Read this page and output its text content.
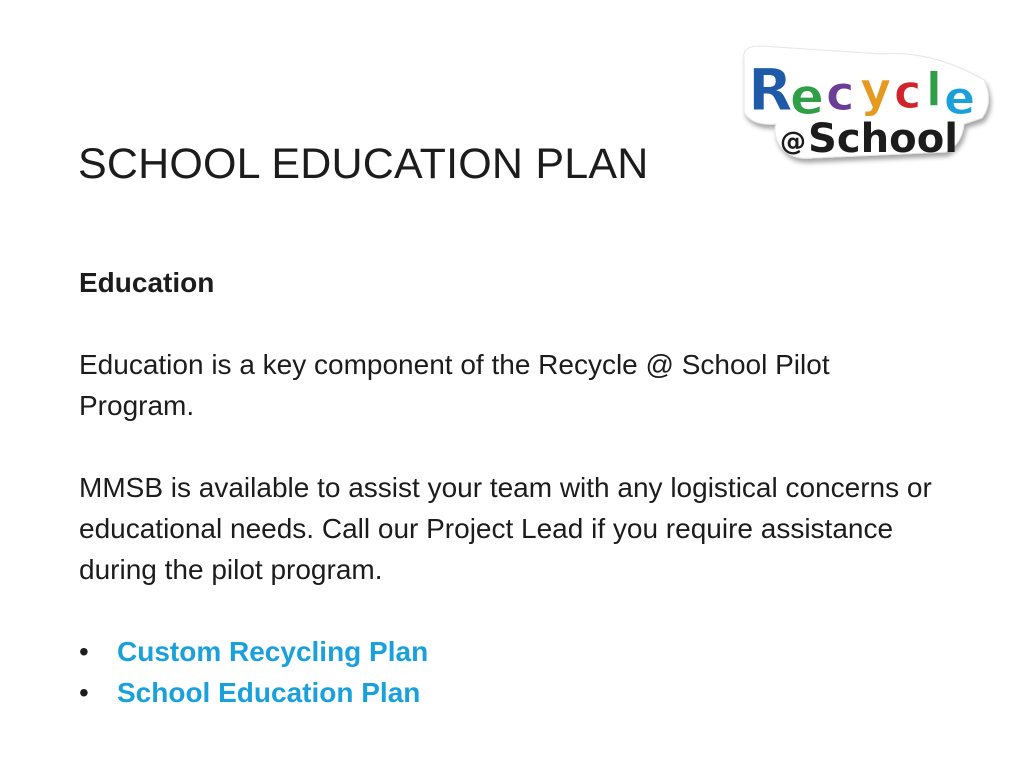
R
e c y c l e
@ School
SCHOOL EDUCATION PLAN

Education

Education is a key component of the Recycle @ School Pilot Program.

MMSB is available to assist your team with any logistical concerns or educational needs. Call our Project Lead if you require assistance during the pilot program.

• Custom Recycling Plan
• School Education Plan
